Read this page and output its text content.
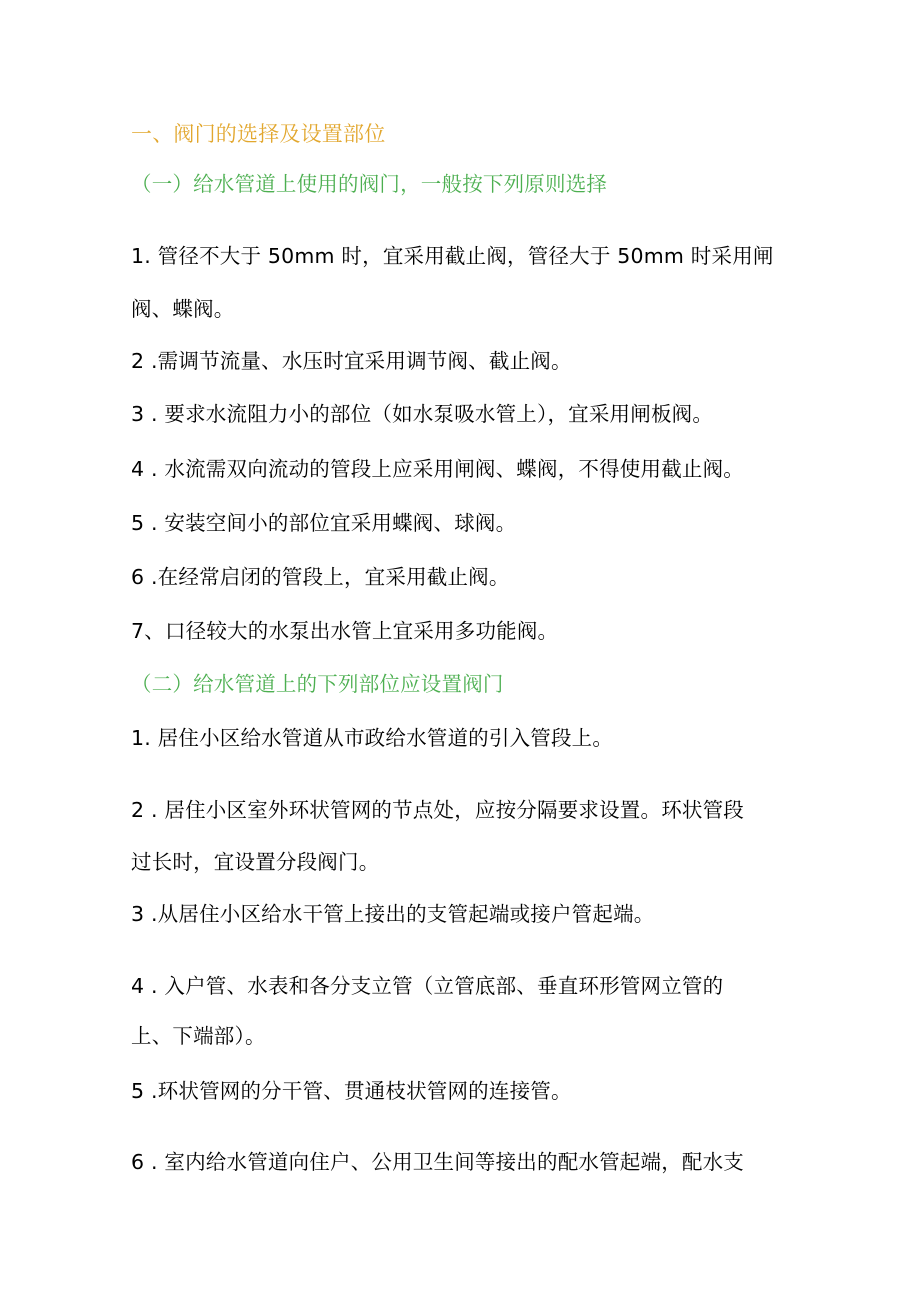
一、阀门的选择及设置部位
（一）给水管道上使用的阀门，一般按下列原则选择
1. 管径不大于 50mm 时，宜采用截止阀，管径大于 50mm 时采用闸
阀、蝶阀。
2 .需调节流量、水压时宜采用调节阀、截止阀。
3 . 要求水流阻力小的部位（如水泵吸水管上），宜采用闸板阀。
4 . 水流需双向流动的管段上应采用闸阀、蝶阀，不得使用截止阀。
5 . 安装空间小的部位宜采用蝶阀、球阀。
6 .在经常启闭的管段上，宜采用截止阀。
7、口径较大的水泵出水管上宜采用多功能阀。
（二）给水管道上的下列部位应设置阀门
1. 居住小区给水管道从市政给水管道的引入管段上。
2 . 居住小区室外环状管网的节点处，应按分隔要求设置。环状管段
过长时，宜设置分段阀门。
3 .从居住小区给水干管上接出的支管起端或接户管起端。
4 . 入户管、水表和各分支立管（立管底部、垂直环形管网立管的
上、下端部）。
5 .环状管网的分干管、贯通枝状管网的连接管。
6 . 室内给水管道向住户、公用卫生间等接出的配水管起端，配水支
